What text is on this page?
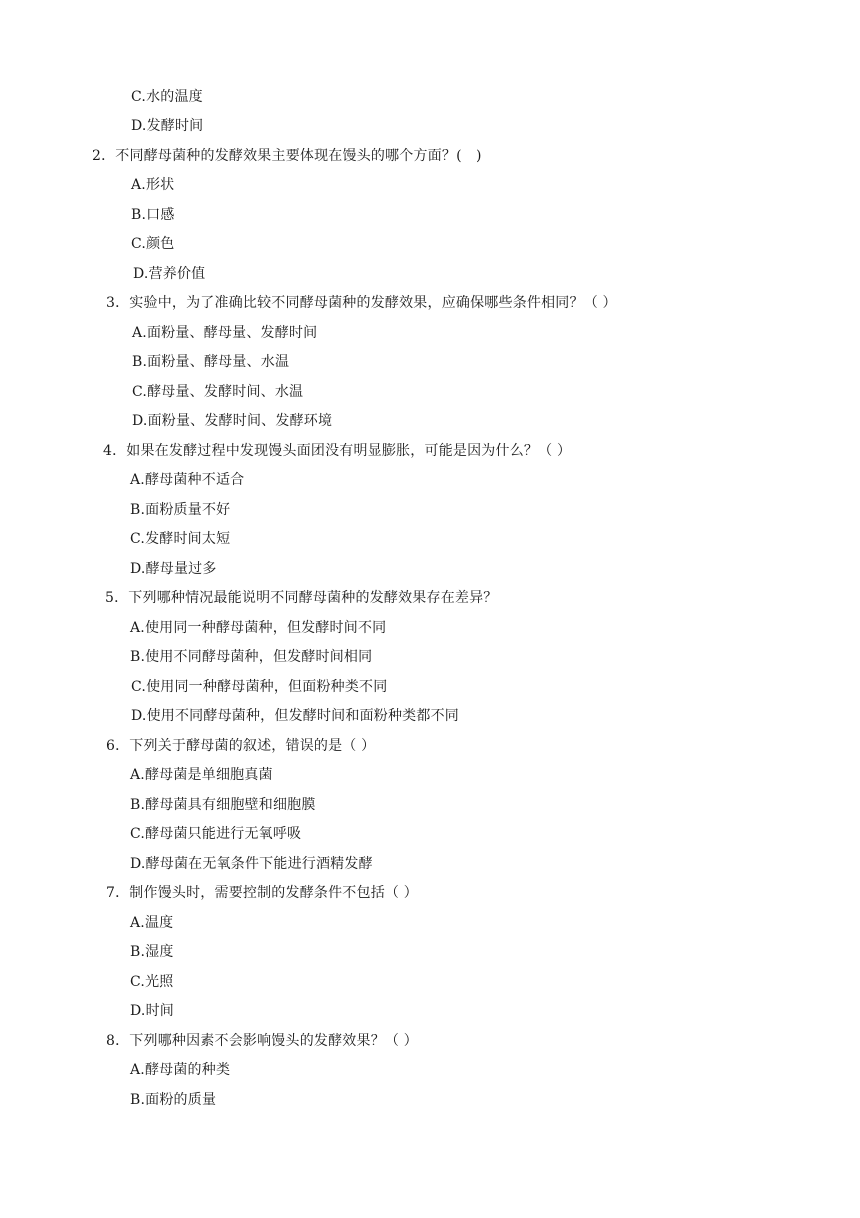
C.水的温度
D.发酵时间
2．不同酵母菌种的发酵效果主要体现在馒头的哪个方面？(　)
A.形状
B.口感
C.颜色
D.营养价值
3．实验中，为了准确比较不同酵母菌种的发酵效果，应确保哪些条件相同？（ ）
A.面粉量、酵母量、发酵时间
B.面粉量、酵母量、水温
C.酵母量、发酵时间、水温
D.面粉量、发酵时间、发酵环境
4．如果在发酵过程中发现馒头面团没有明显膨胀，可能是因为什么？（ ）
A.酵母菌种不适合
B.面粉质量不好
C.发酵时间太短
D.酵母量过多
5．下列哪种情况最能说明不同酵母菌种的发酵效果存在差异？
A.使用同一种酵母菌种，但发酵时间不同
B.使用不同酵母菌种，但发酵时间相同
C.使用同一种酵母菌种，但面粉种类不同
D.使用不同酵母菌种，但发酵时间和面粉种类都不同
6．下列关于酵母菌的叙述，错误的是（ ）
A.酵母菌是单细胞真菌
B.酵母菌具有细胞壁和细胞膜
C.酵母菌只能进行无氧呼吸
D.酵母菌在无氧条件下能进行酒精发酵
7．制作馒头时，需要控制的发酵条件不包括（ ）
A.温度
B.湿度
C.光照
D.时间
8．下列哪种因素不会影响馒头的发酵效果？（ ）
A.酵母菌的种类
B.面粉的质量
